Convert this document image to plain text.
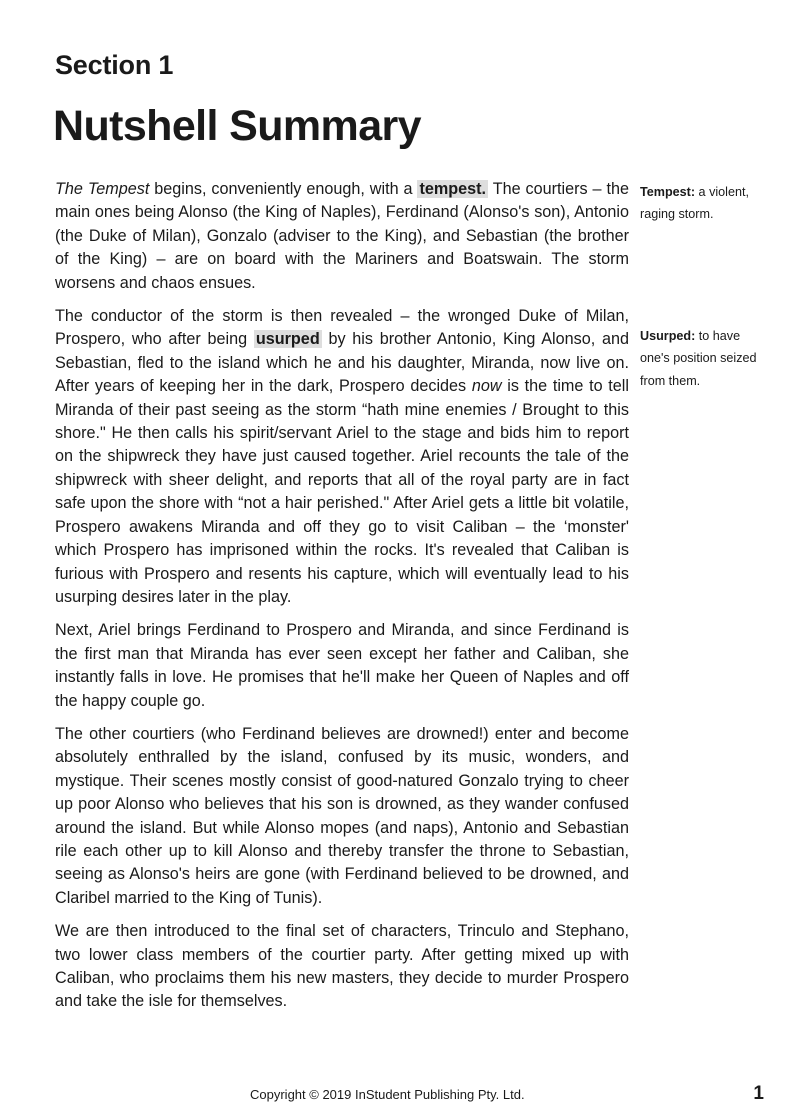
Section 1
Nutshell Summary

The Tempest begins, conveniently enough, with a tempest. The courtiers – the main ones being Alonso (the King of Naples), Ferdinand (Alonso's son), Antonio (the Duke of Milan), Gonzalo (adviser to the King), and Sebastian (the brother of the King) – are on board with the Mariners and Boatswain. The storm worsens and chaos ensues.

The conductor of the storm is then revealed – the wronged Duke of Milan, Prospero, who after being usurped by his brother Antonio, King Alonso, and Sebastian, fled to the island which he and his daughter, Miranda, now live on. After years of keeping her in the dark, Prospero decides now is the time to tell Miranda of their past seeing as the storm “hath mine enemies / Brought to this shore." He then calls his spirit/servant Ariel to the stage and bids him to report on the shipwreck they have just caused together. Ariel recounts the tale of the shipwreck with sheer delight, and reports that all of the royal party are in fact safe upon the shore with “not a hair perished." After Ariel gets a little bit volatile, Prospero awakens Miranda and off they go to visit Caliban – the ‘monster' which Prospero has imprisoned within the rocks. It's revealed that Caliban is furious with Prospero and resents his capture, which will eventually lead to his usurping desires later in the play.

Next, Ariel brings Ferdinand to Prospero and Miranda, and since Ferdinand is the first man that Miranda has ever seen except her father and Caliban, she instantly falls in love. He promises that he'll make her Queen of Naples and off the happy couple go.

The other courtiers (who Ferdinand believes are drowned!) enter and become absolutely enthralled by the island, confused by its music, wonders, and mystique. Their scenes mostly consist of good-natured Gonzalo trying to cheer up poor Alonso who believes that his son is drowned, as they wander confused around the island. But while Alonso mopes (and naps), Antonio and Sebastian rile each other up to kill Alonso and thereby transfer the throne to Sebastian, seeing as Alonso's heirs are gone (with Ferdinand believed to be drowned, and Claribel married to the King of Tunis).

We are then introduced to the final set of characters, Trinculo and Stephano, two lower class members of the courtier party. After getting mixed up with Caliban, who proclaims them his new masters, they decide to murder Prospero and take the isle for themselves.

Tempest: a violent, raging storm.

Usurped: to have one's position seized from them.

Copyright © 2019 InStudent Publishing Pty. Ltd.	1
